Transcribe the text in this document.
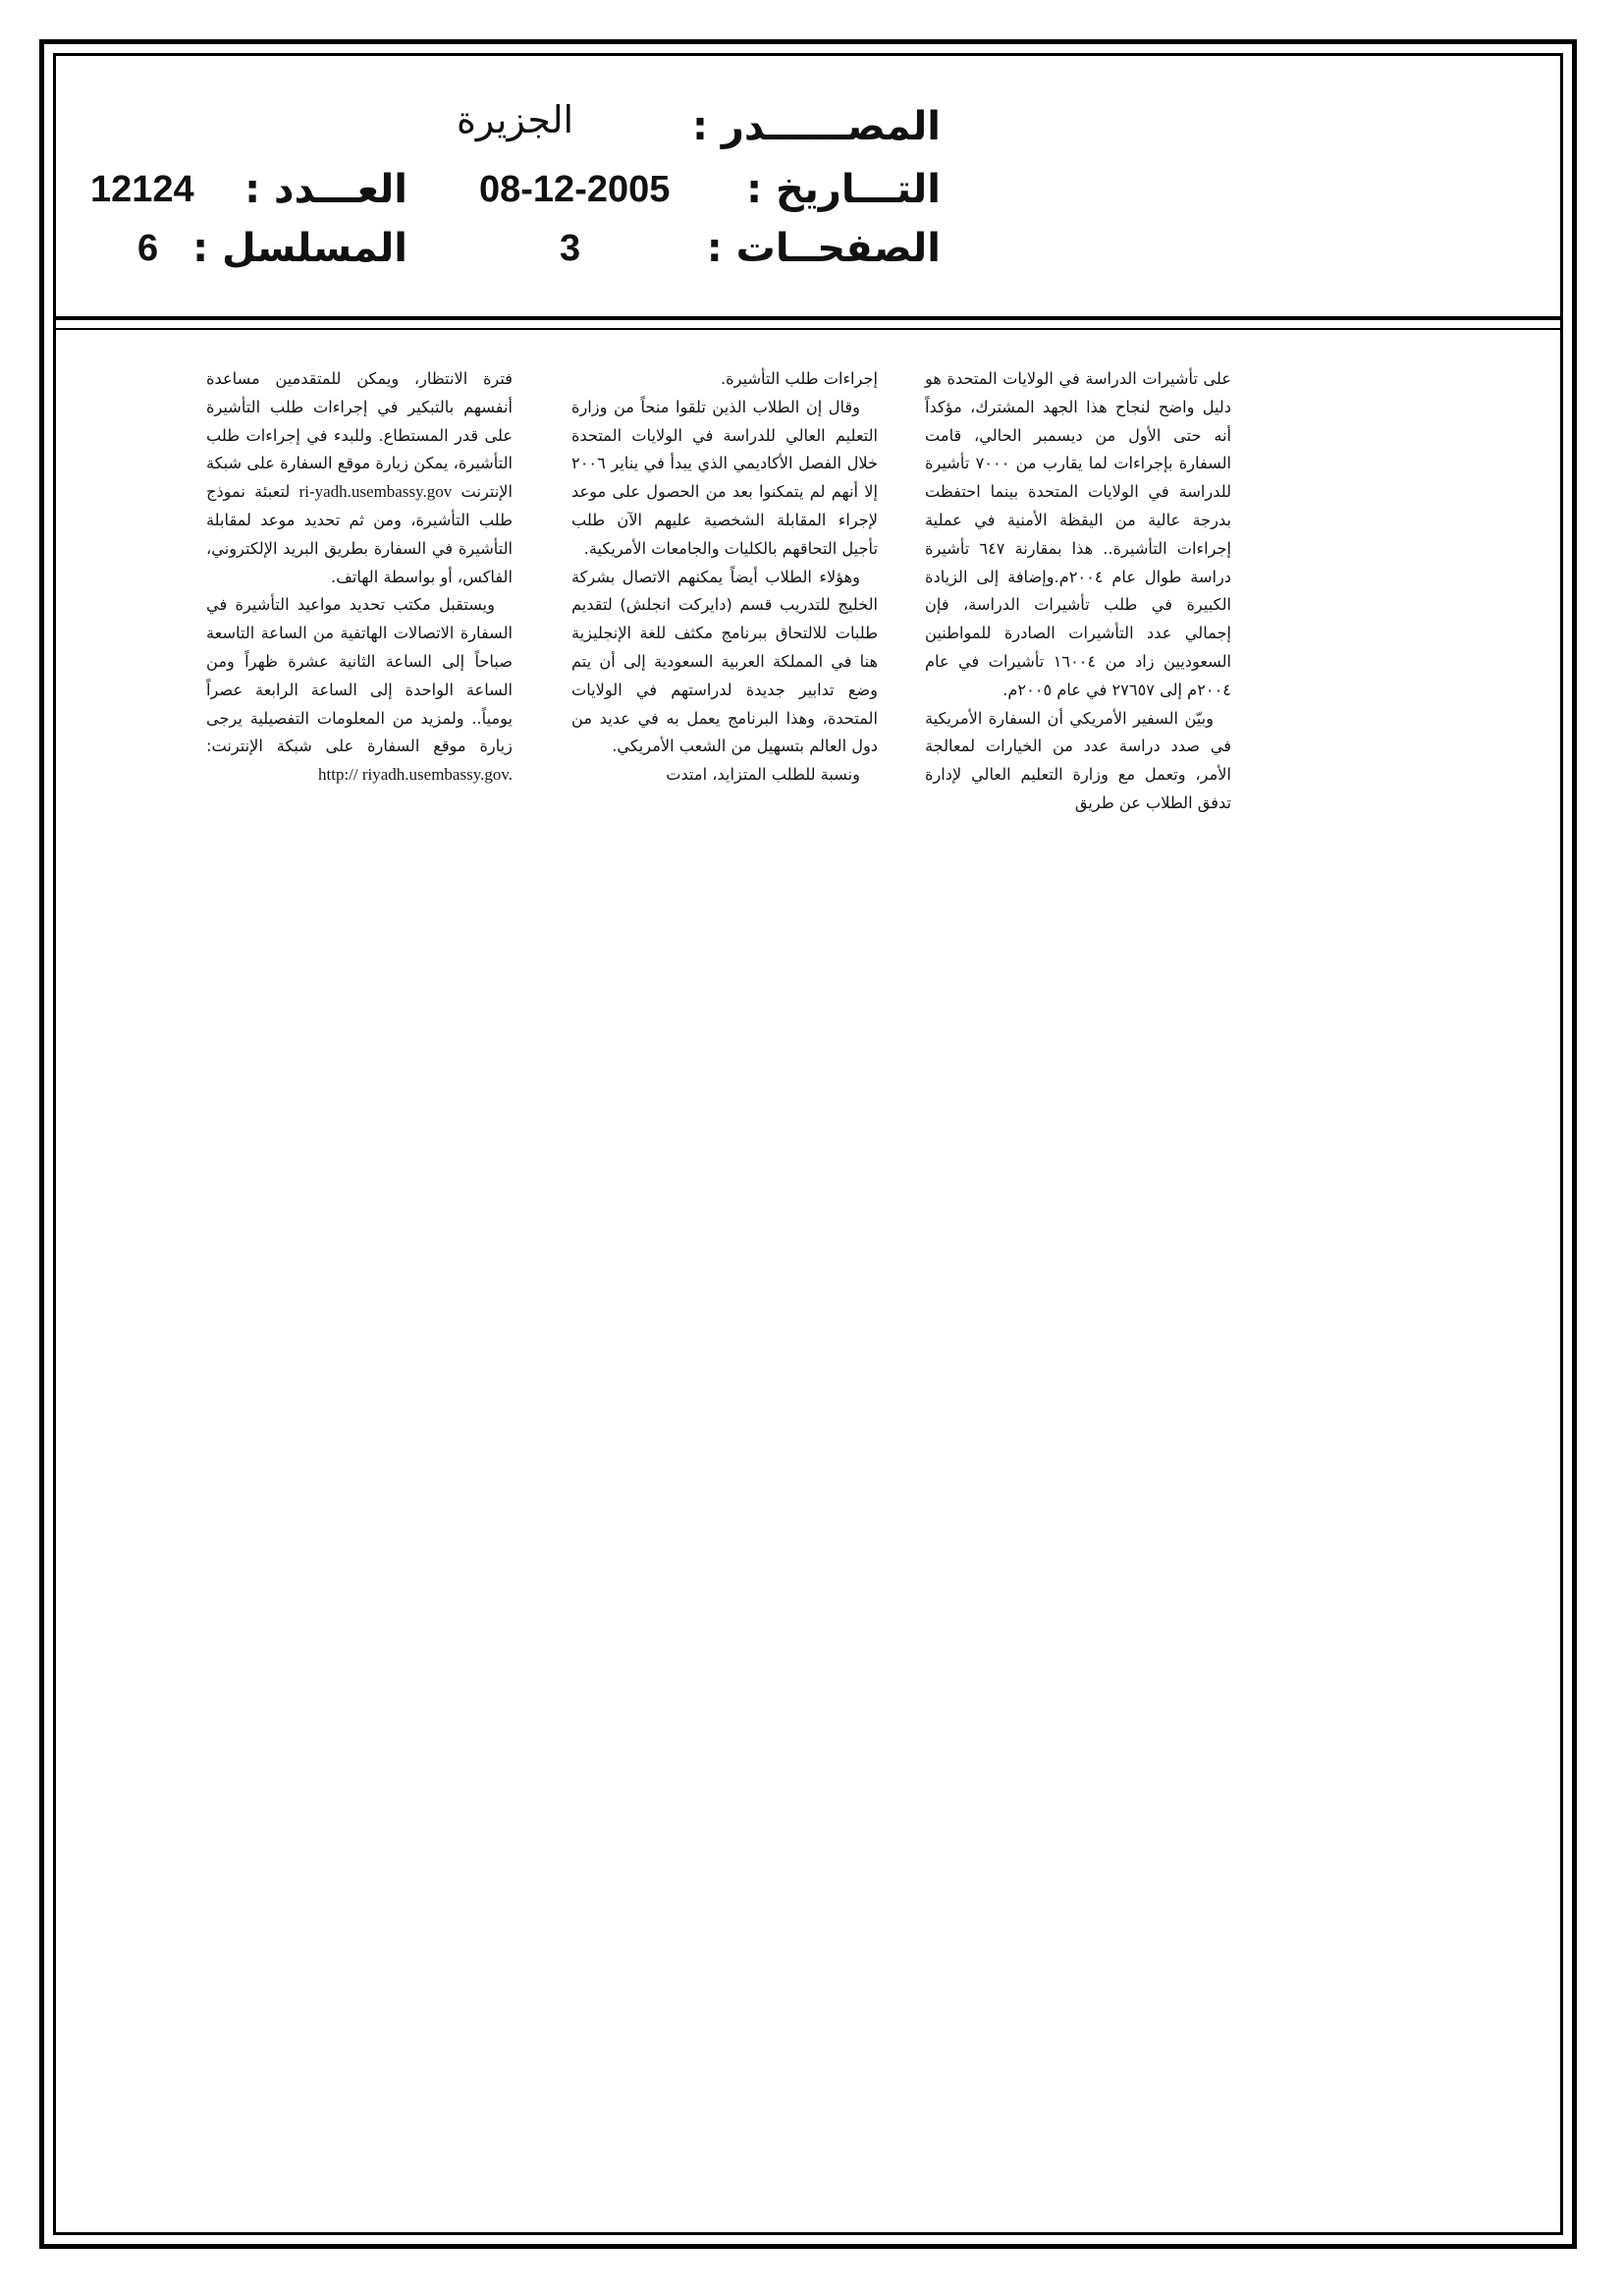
المصــــــدر :
الجزيرة
التـــاريخ :
08-12-2005
العـــدد :
12124
الصفحــات :
3
المسلسل :
6

على تأشيرات الدراسة في الولايات المتحدة هو دليل واضح لنجاح هذا الجهد المشترك، مؤكداً أنه حتى الأول من ديسمبر الحالي، قامت السفارة بإجراءات لما يقارب من ٧٠٠٠ تأشيرة للدراسة في الولايات المتحدة بينما احتفظت بدرجة عالية من اليقظة الأمنية في عملية إجراءات التأشيرة.. هذا بمقارنة ٦٤٧ تأشيرة دراسة طوال عام ٢٠٠٤م.وإضافة إلى الزيادة الكبيرة في طلب تأشيرات الدراسة، فإن إجمالي عدد التأشيرات الصادرة للمواطنين السعوديين زاد من ١٦٠٠٤ تأشيرات في عام ٢٠٠٤م إلى ٢٧٦٥٧ في عام ٢٠٠٥م.

وبيّن السفير الأمريكي أن السفارة الأمريكية في صدد دراسة عدد من الخيارات لمعالجة الأمر، وتعمل مع وزارة التعليم العالي لإدارة تدفق الطلاب عن طريق

إجراءات طلب التأشيرة.

وقال إن الطلاب الذين تلقوا منحاً من وزارة التعليم العالي للدراسة في الولايات المتحدة خلال الفصل الأكاديمي الذي يبدأ في يناير ٢٠٠٦ إلا أنهم لم يتمكنوا بعد من الحصول على موعد لإجراء المقابلة الشخصية عليهم الآن طلب تأجيل التحاقهم بالكليات والجامعات الأمريكية.

وهؤلاء الطلاب أيضاً يمكنهم الاتصال بشركة الخليج للتدريب قسم (دايركت انجلش) لتقديم طلبات للالتحاق ببرنامج مكثف للغة الإنجليزية هنا في المملكة العربية السعودية إلى أن يتم وضع تدابير جديدة لدراستهم في الولايات المتحدة، وهذا البرنامج يعمل به في عديد من دول العالم بتسهيل من الشعب الأمريكي.

ونسبة للطلب المتزايد، امتدت

فترة الانتظار، ويمكن للمتقدمين مساعدة أنفسهم بالتبكير في إجراءات طلب التأشيرة على قدر المستطاع. وللبدء في إجراءات طلب التأشيرة، يمكن زيارة موقع السفارة على شبكة الإنترنت ri-yadh.usembassy.gov لتعبئة نموذج طلب التأشيرة، ومن ثم تحديد موعد لمقابلة التأشيرة في السفارة بطريق البريد الإلكتروني، الفاكس، أو بواسطة الهاتف.

ويستقبل مكتب تحديد مواعيد التأشيرة في السفارة الاتصالات الهاتفية من الساعة التاسعة صباحاً إلى الساعة الثانية عشرة ظهراً ومن الساعة الواحدة إلى الساعة الرابعة عصراً يومياً.. ولمزيد من المعلومات التفصيلية يرجى زيارة موقع السفارة على شبكة الإنترنت: http:// riyadh.usembassy.gov.
